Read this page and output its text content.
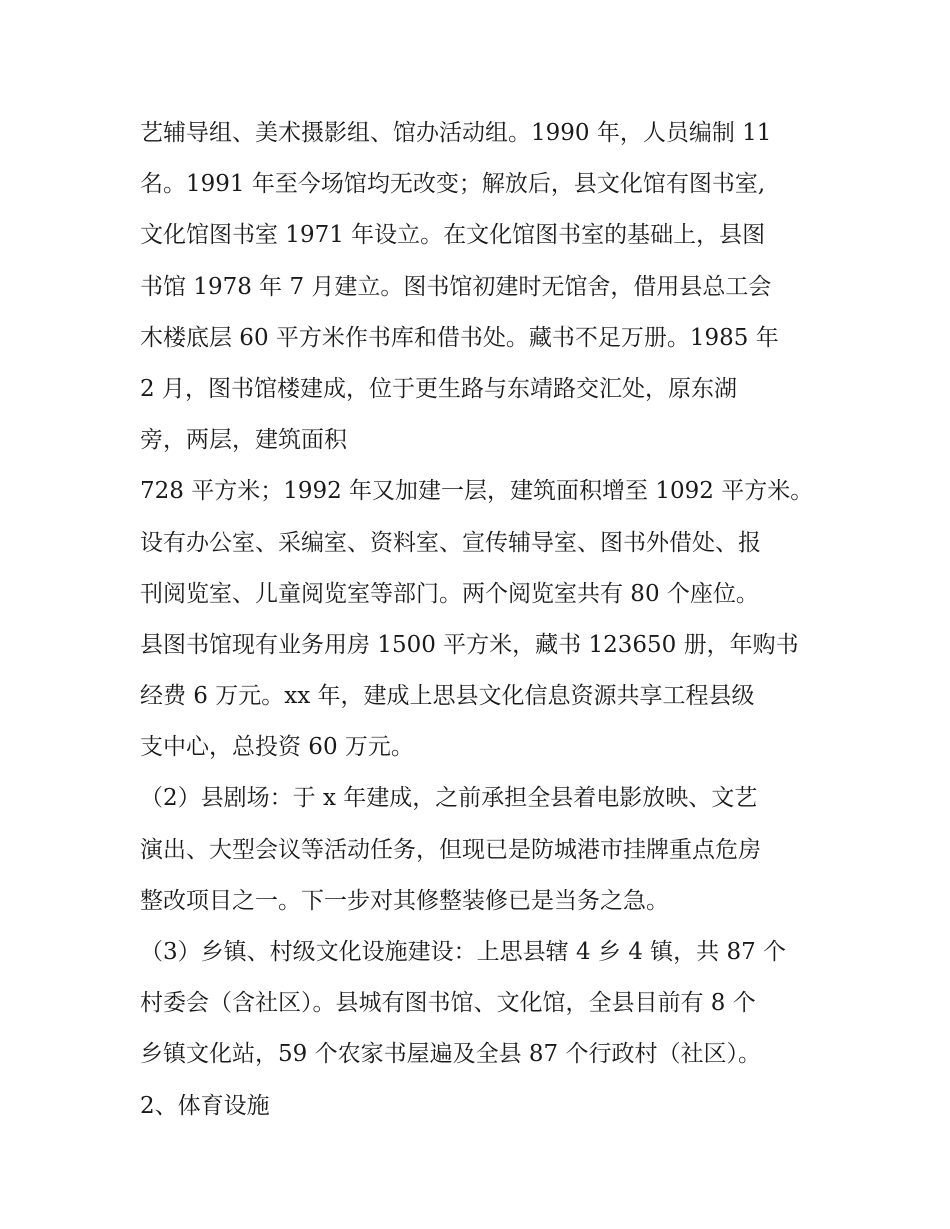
艺辅导组、美术摄影组、馆办活动组。1990 年，人员编制 11
名。1991 年至今场馆均无改变；解放后，县文化馆有图书室,
文化馆图书室 1971 年设立。在文化馆图书室的基础上，县图
书馆 1978 年 7 月建立。图书馆初建时无馆舍，借用县总工会
木楼底层 60 平方米作书库和借书处。藏书不足万册。1985 年
2 月，图书馆楼建成，位于更生路与东靖路交汇处，原东湖
旁，两层，建筑面积
728 平方米；1992 年又加建一层，建筑面积增至 1092 平方米。
设有办公室、采编室、资料室、宣传辅导室、图书外借处、报
刊阅览室、儿童阅览室等部门。两个阅览室共有 80 个座位。
县图书馆现有业务用房 1500 平方米，藏书 123650 册，年购书
经费 6 万元。xx 年，建成上思县文化信息资源共享工程县级
支中心，总投资 60 万元。
（2）县剧场：于 x 年建成，之前承担全县着电影放映、文艺
演出、大型会议等活动任务，但现已是防城港市挂牌重点危房
整改项目之一。下一步对其修整装修已是当务之急。
（3）乡镇、村级文化设施建设：上思县辖 4 乡 4 镇，共 87 个
村委会（含社区）。县城有图书馆、文化馆，全县目前有 8 个
乡镇文化站，59 个农家书屋遍及全县 87 个行政村（社区）。
2、体育设施
